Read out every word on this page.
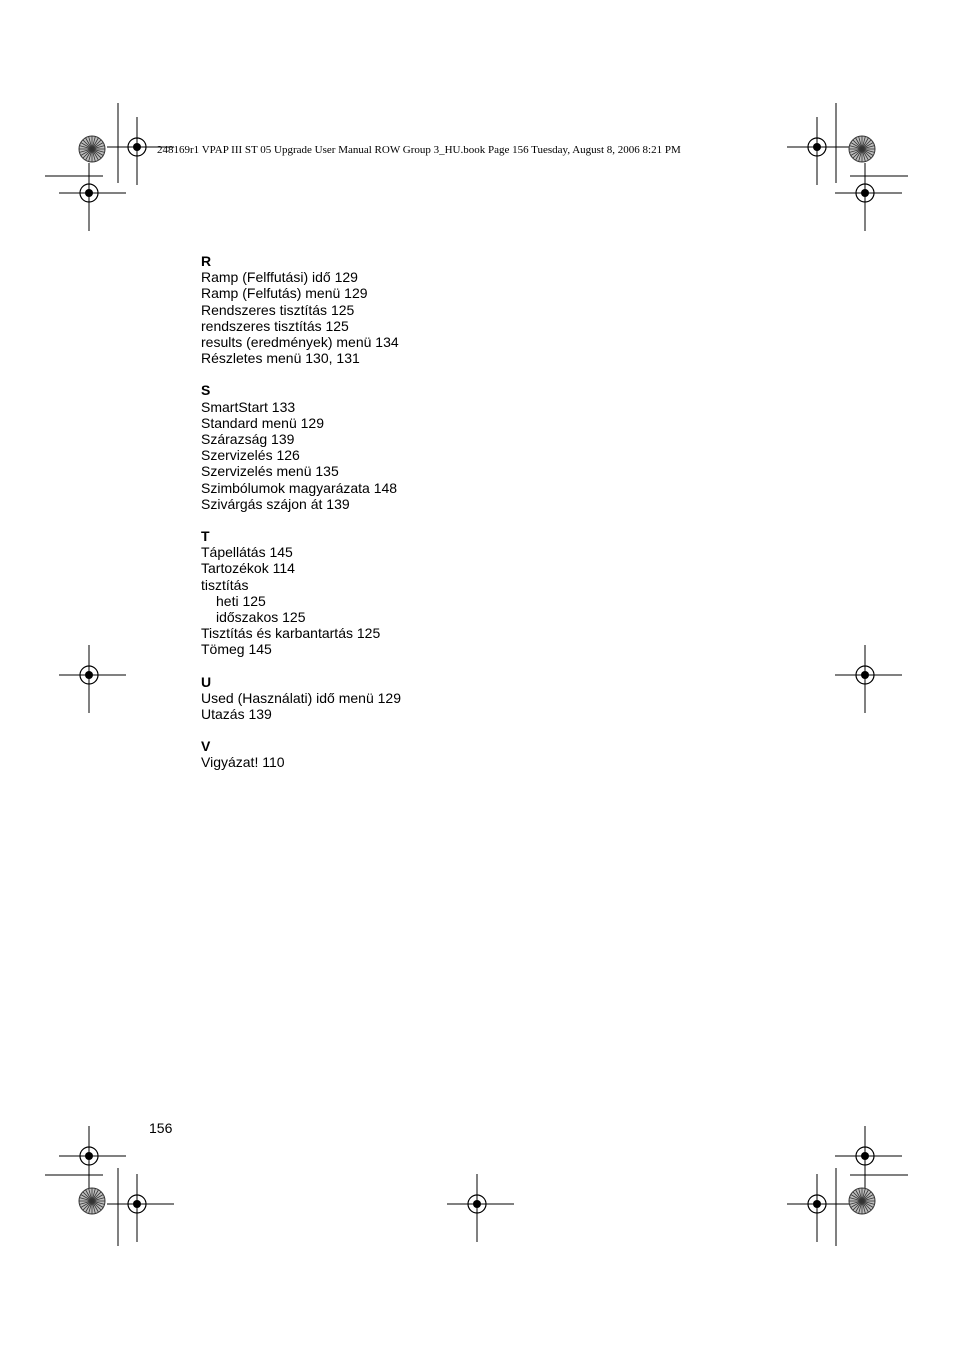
248169r1 VPAP III ST 05 Upgrade User Manual ROW Group 3_HU.book Page 156 Tuesday, August 8, 2006 8:21 PM
R
Ramp (Felffutási) idő 129
Ramp (Felfutás) menü 129
Rendszeres tisztítás 125
rendszeres tisztítás 125
results (eredmények) menü 134
Részletes menü 130, 131
S
SmartStart 133
Standard menü 129
Szárazság 139
Szervizelés 126
Szervizelés menü 135
Szimbólumok magyarázata 148
Szivárgás szájon át 139
T
Tápellátás 145
Tartozékok 114
tisztítás
heti 125
időszakos 125
Tisztítás és karbantartás 125
Tömeg 145
U
Used (Használati) idő menü 129
Utazás 139
V
Vigyázat! 110
156
